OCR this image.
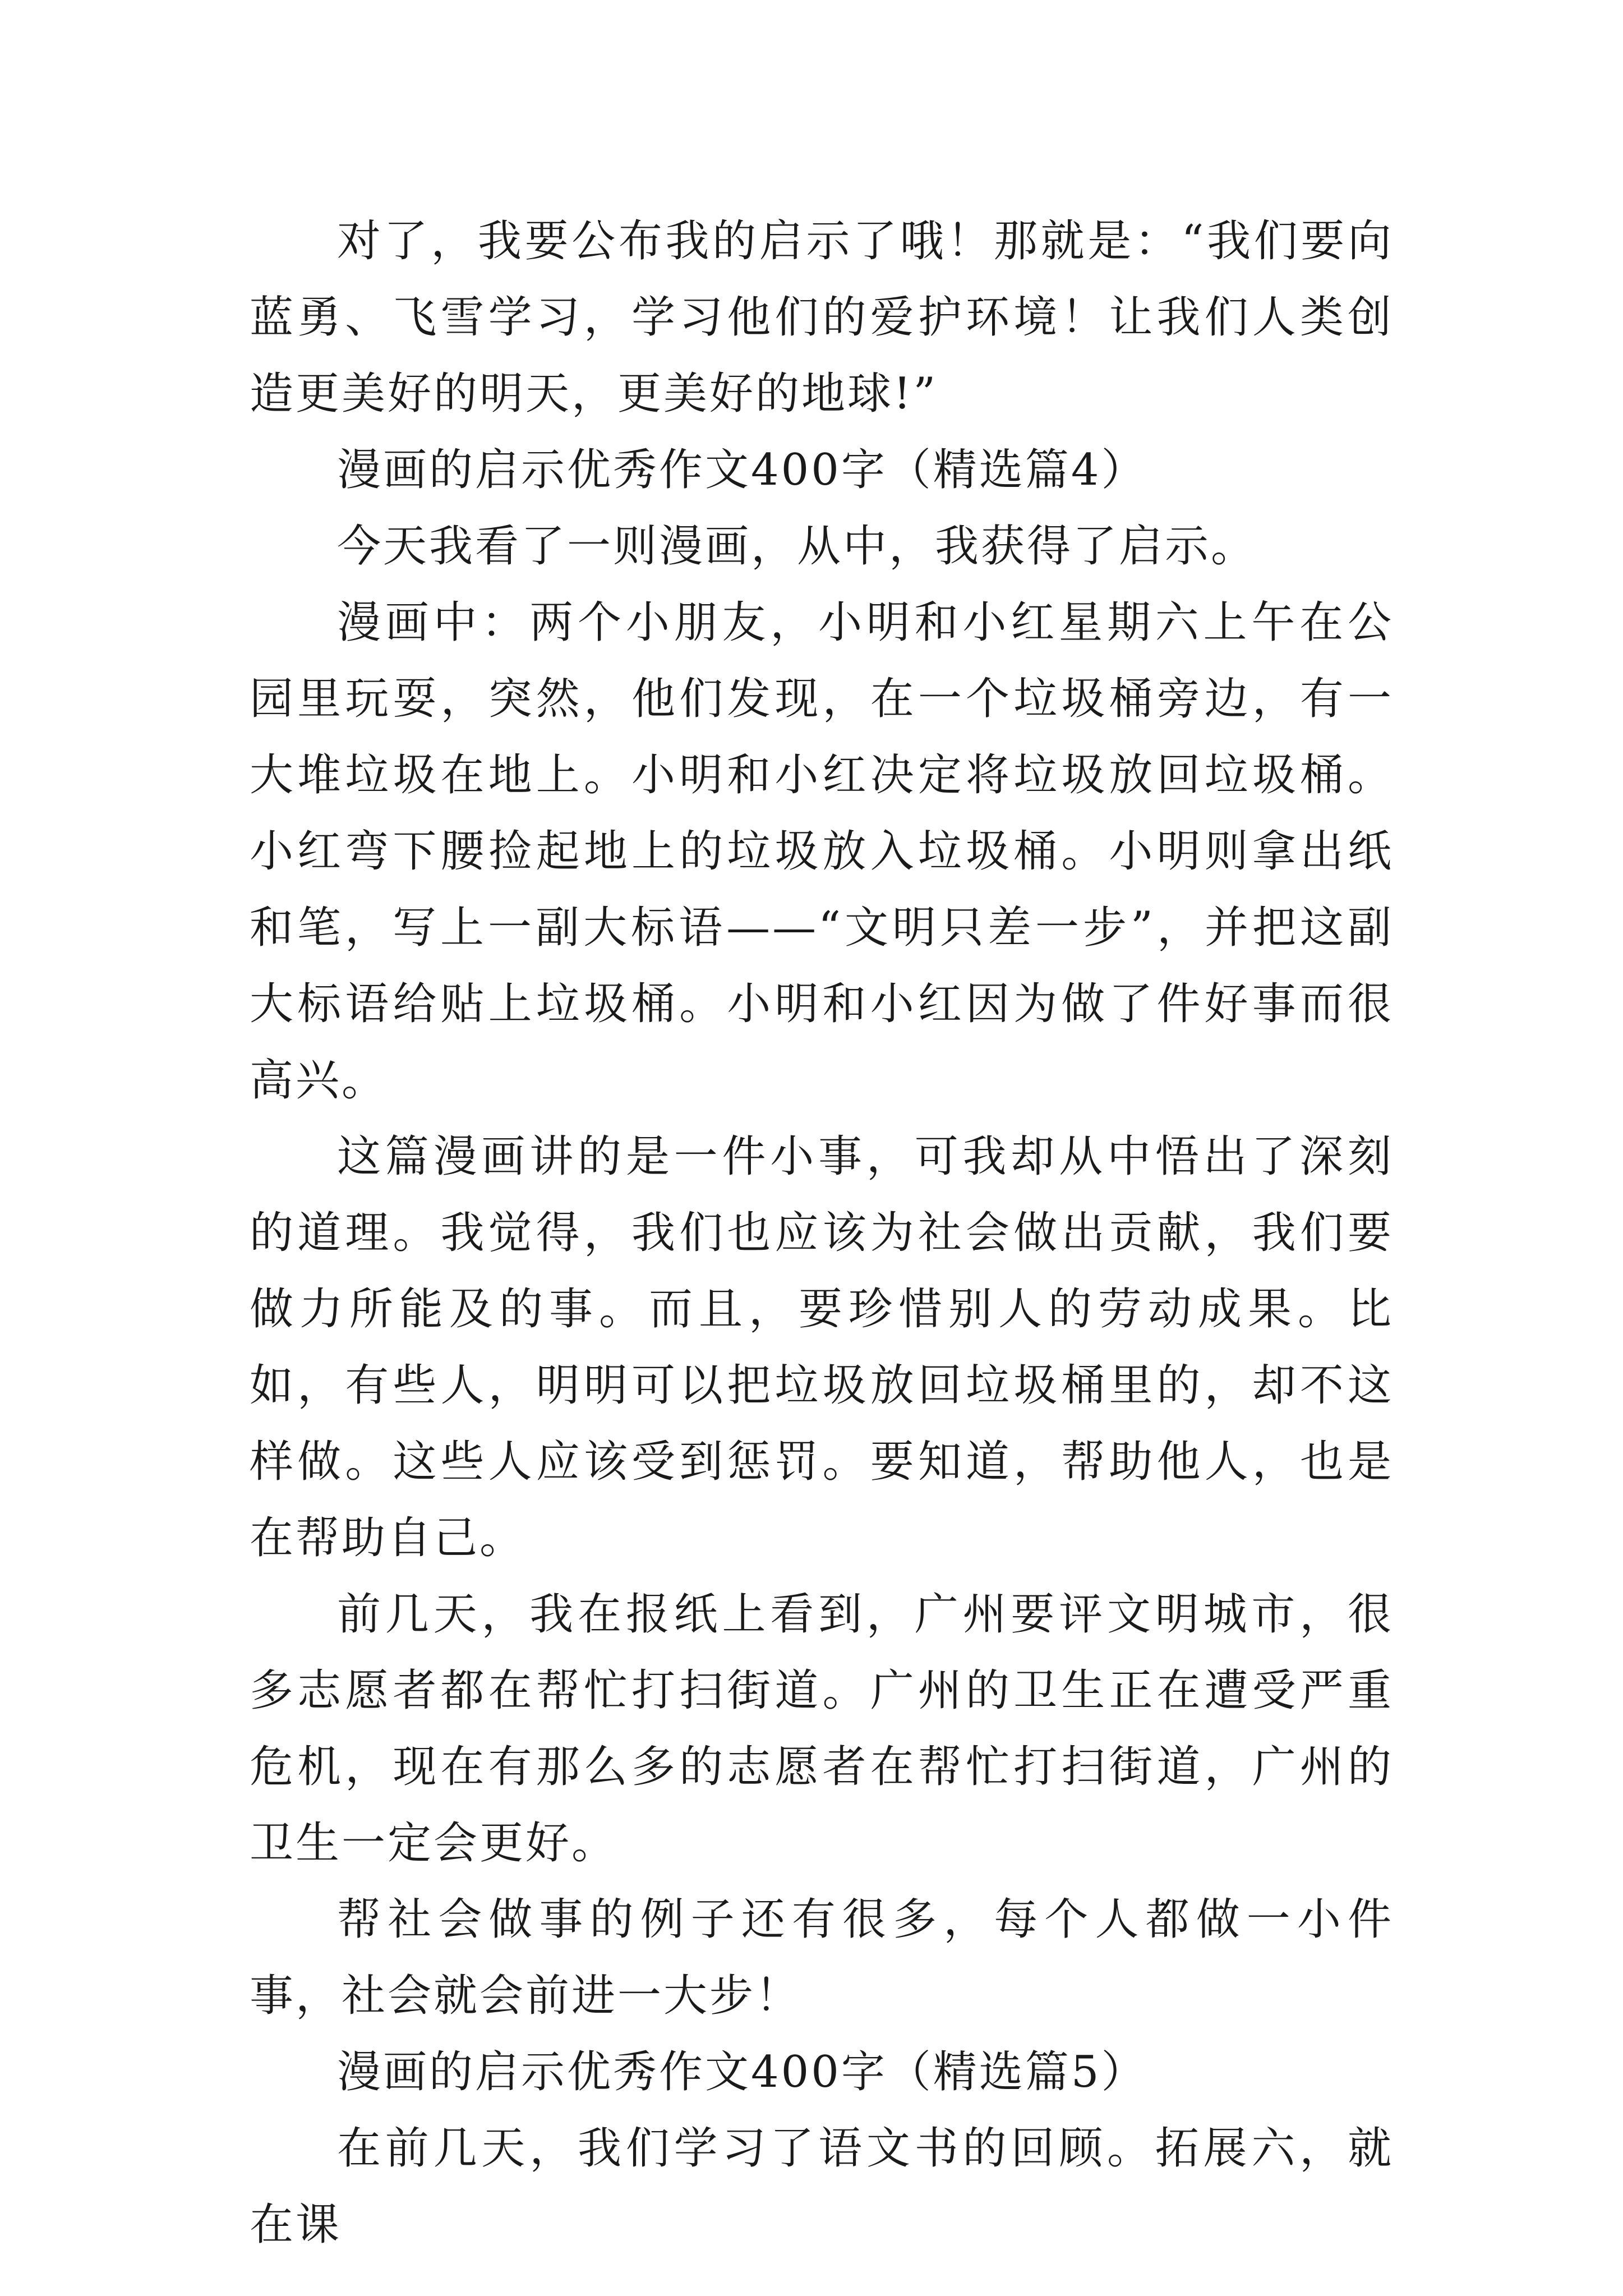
对了，我要公布我的启示了哦！那就是：“我们要向蓝勇、飞雪学习，学习他们的爱护环境！让我们人类创造更美好的明天，更美好的地球!”

漫画的启示优秀作文400字（精选篇4）

今天我看了一则漫画，从中，我获得了启示。

漫画中：两个小朋友，小明和小红星期六上午在公园里玩耍，突然，他们发现，在一个垃圾桶旁边，有一大堆垃圾在地上。小明和小红决定将垃圾放回垃圾桶。小红弯下腰捡起地上的垃圾放入垃圾桶。小明则拿出纸和笔，写上一副大标语——“文明只差一步”，并把这副大标语给贴上垃圾桶。小明和小红因为做了件好事而很高兴。

这篇漫画讲的是一件小事，可我却从中悟出了深刻的道理。我觉得，我们也应该为社会做出贡献，我们要做力所能及的事。而且，要珍惜别人的劳动成果。比如，有些人，明明可以把垃圾放回垃圾桶里的，却不这样做。这些人应该受到惩罚。要知道，帮助他人，也是在帮助自己。

前几天，我在报纸上看到，广州要评文明城市，很多志愿者都在帮忙打扫街道。广州的卫生正在遭受严重危机，现在有那么多的志愿者在帮忙打扫街道，广州的卫生一定会更好。

帮社会做事的例子还有很多，每个人都做一小件事，社会就会前进一大步！

漫画的启示优秀作文400字（精选篇5）

在前几天，我们学习了语文书的回顾。拓展六，就在课
